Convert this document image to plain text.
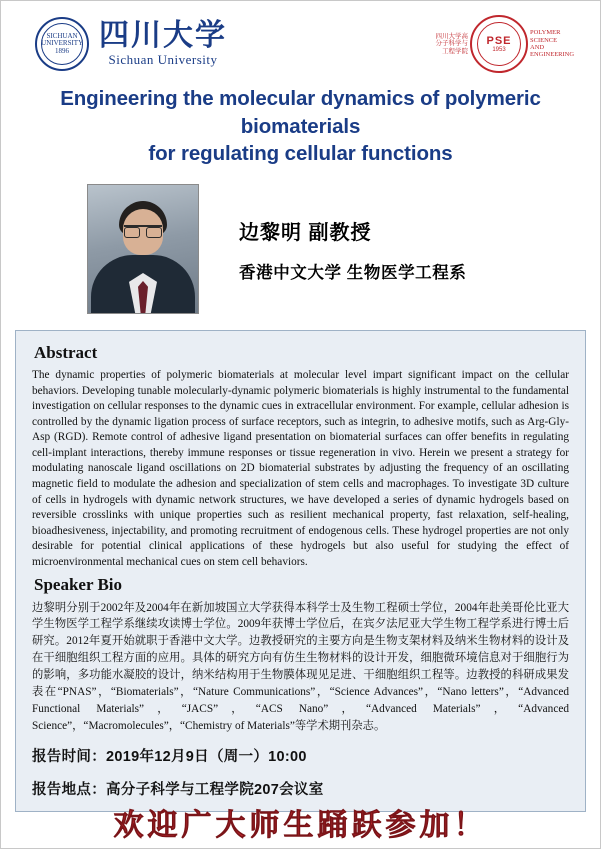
SICHUAN UNIVERSITY 1896	四川大学
Sichuan University
四川大学高分子科学与工程学院
PSE
1953
POLYMER SCIENCE AND ENGINEERING
Engineering the molecular dynamics of polymeric biomaterials
for regulating cellular functions
边黎明 副教授
香港中文大学 生物医学工程系
Abstract
The dynamic properties of polymeric biomaterials at molecular level impart significant impact on the cellular behaviors. Developing tunable molecularly-dynamic polymeric biomaterials is highly instrumental to the fundamental investigation on cellular responses to the dynamic cues in extracellular environment. For example, cellular adhesion is controlled by the dynamic ligation process of surface receptors, such as integrin, to adhesive motifs, such as Arg-Gly-Asp (RGD). Remote control of adhesive ligand presentation on biomaterial surfaces can offer benefits in regulating cell-implant interactions, thereby immune responses or tissue regeneration in vivo. Herein we present a strategy for modulating nanoscale ligand oscillations on 2D biomaterial substrates by adjusting the frequency of an oscillating magnetic field to modulate the adhesion and specialization of stem cells and macrophages. To investigate 3D culture of cells in hydrogels with dynamic network structures, we have developed a series of dynamic hydrogels based on reversible crosslinks with unique properties such as resilient mechanical property, fast relaxation, self-healing, bioadhesiveness, injectability, and promoting recruitment of endogenous cells. These hydrogel properties are not only desirable for potential clinical applications of these hydrogels but also useful for studying the effect of microenvironmental mechanical cues on stem cell behaviors.
Speaker Bio
边黎明分别于2002年及2004年在新加坡国立大学获得本科学士及生物工程硕士学位，2004年赴美哥伦比亚大学生物医学工程学系继续攻读博士学位。2009年获博士学位后，在宾夕法尼亚大学生物工程学系进行博士后研究。2012年夏开始就职于香港中文大学。边教授研究的主要方向是生物支架材料及纳米生物材料的设计及在干细胞组织工程方面的应用。具体的研究方向有仿生生物材料的设计开发，细胞微环境信息对于细胞行为的影响，多功能水凝胶的设计，纳米结构用于生物膜体现见足进、干细胞组织工程等。边教授的科研成果发表在“PNAS”，“Biomaterials”，“Nature Communications”，“Science Advances”，“Nano letters”，“Advanced Functional Materials”，“JACS”，“ACS Nano”，“Advanced Materials”，“Advanced Science”，“Macromolecules”，“Chemistry of Materials”等学术期刊杂志。
报告时间：2019年12月9日（周一）10:00
报告地点：高分子科学与工程学院207会议室
欢迎广大师生踊跃参加！
